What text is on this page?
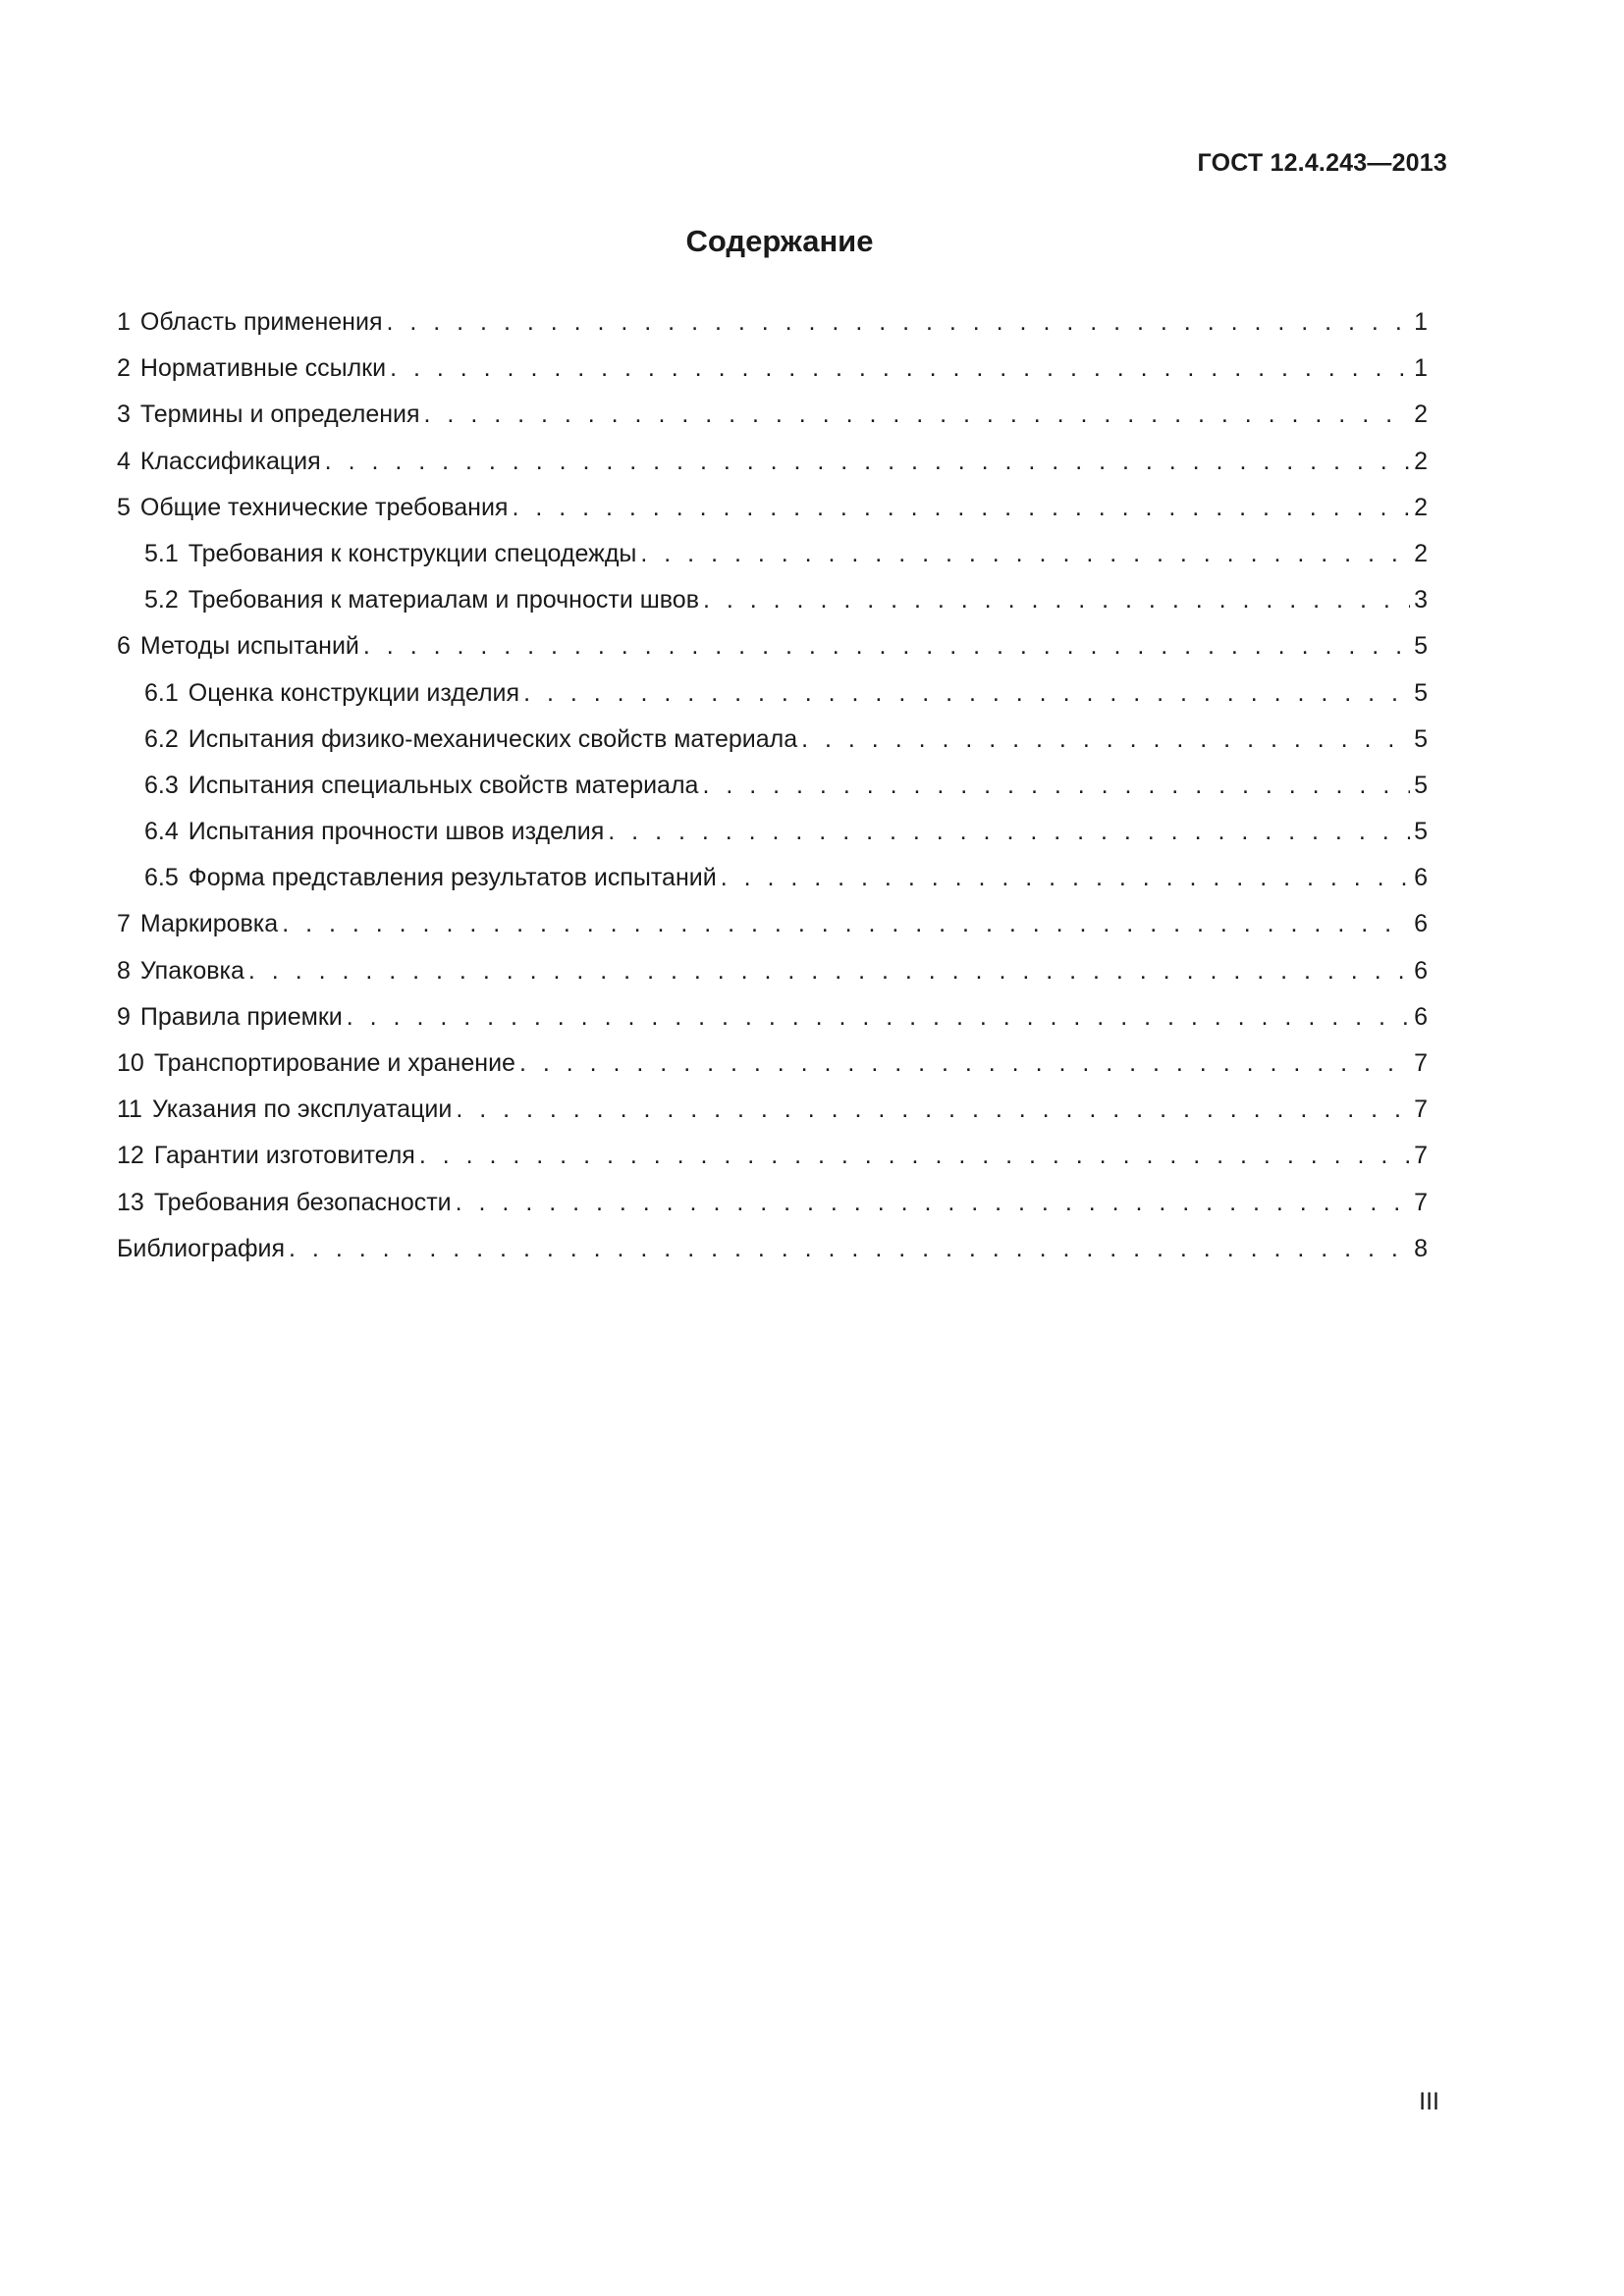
ГОСТ 12.4.243—2013
Содержание
1 Область применения . . .	1
2 Нормативные ссылки . . .	1
3 Термины и определения . . .	2
4 Классификация . . .	2
5 Общие технические требования . . .	2
5.1 Требования к конструкции спецодежды . . .	2
5.2 Требования к материалам и прочности швов . . .	3
6 Методы испытаний . . .	5
6.1 Оценка конструкции изделия . . .	5
6.2 Испытания физико-механических свойств материала . . .	5
6.3 Испытания специальных свойств материала . . .	5
6.4 Испытания прочности швов изделия . . .	5
6.5 Форма представления результатов испытаний . . .	6
7 Маркировка . . .	6
8 Упаковка . . .	6
9 Правила приемки . . .	6
10 Транспортирование и хранение . . .	7
11 Указания по эксплуатации . . .	7
12 Гарантии изготовителя . . .	7
13 Требования безопасности . . .	7
Библиография . . .	8
III
